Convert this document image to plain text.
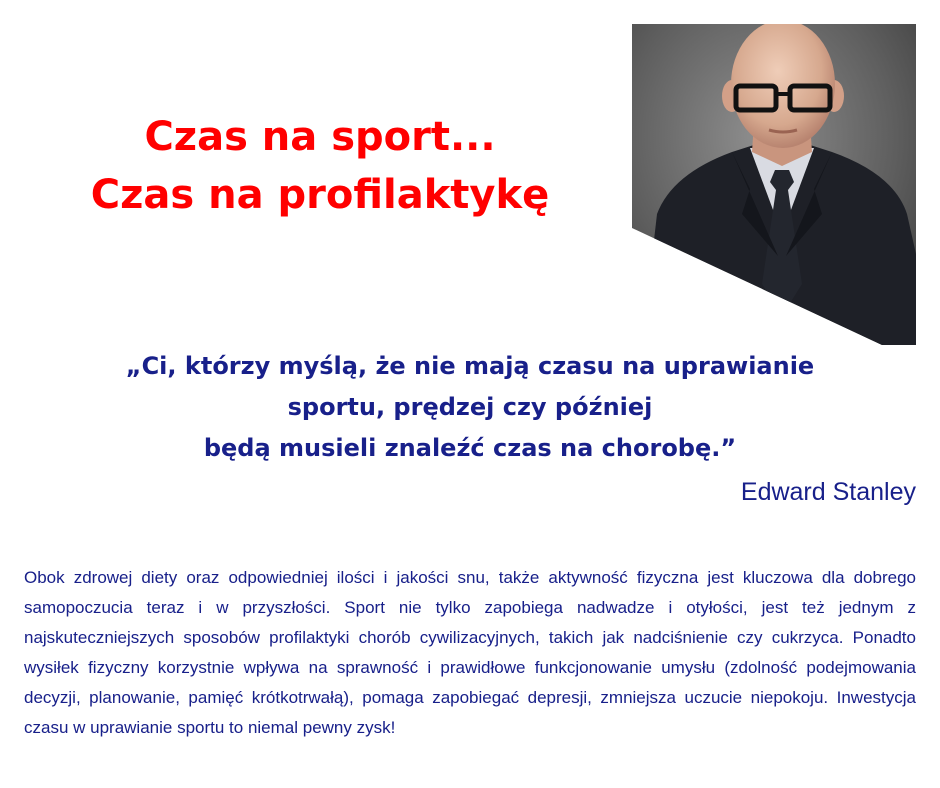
Czas na sport...
Czas na profilaktykę
„Ci, którzy myślą, że nie mają czasu na uprawianie
sportu, prędzej czy później
będą musieli znaleźć czas na chorobę.”
Edward Stanley

Obok zdrowej diety oraz odpowiedniej ilości i jakości snu, także aktywność fizyczna jest kluczowa dla dobrego samopoczucia teraz i w przyszłości. Sport nie tylko zapobiega nadwadze i otyłości, jest też jednym z najskuteczniejszych sposobów profilaktyki chorób cywilizacyjnych, takich jak nadciśnienie czy cukrzyca. Ponadto wysiłek fizyczny korzystnie wpływa na sprawność i prawidłowe funkcjonowanie umysłu (zdolność podejmowania decyzji, planowanie, pamięć krótkotrwałą), pomaga zapobiegać depresji, zmniejsza uczucie niepokoju. Inwestycja czasu w uprawianie sportu to niemal pewny zysk!
